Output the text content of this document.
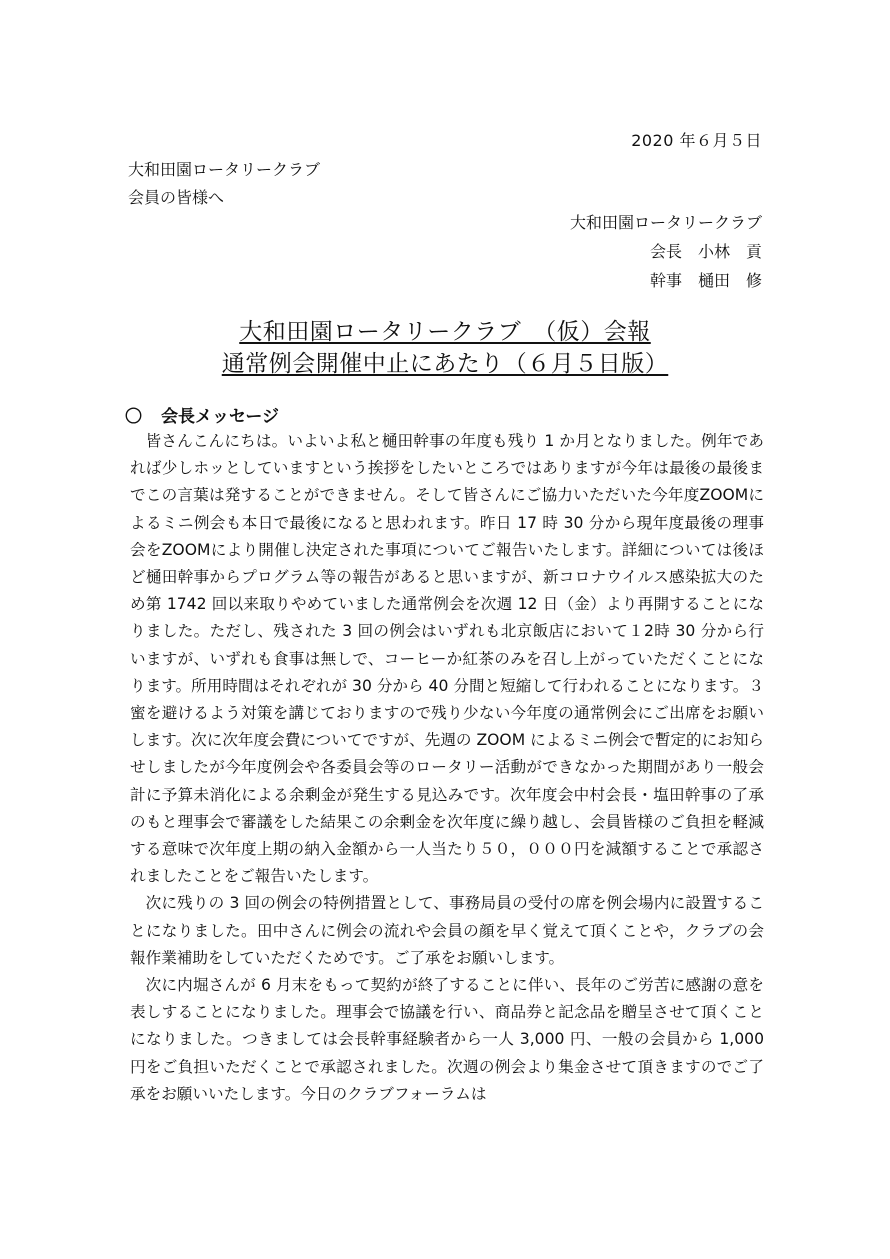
2020 年６月５日
大和田園ロータリークラブ
会員の皆様へ
大和田園ロータリークラブ
会長　小林　貢
幹事　樋田　修
大和田園ロータリークラブ　（仮）会報
通常例会開催中止にあたり（６月５日版）
〇 会長メッセージ

皆さんこんにちは。いよいよ私と樋田幹事の年度も残り 1 か月となりました。例年であれば少しホッとしていますという挨拶をしたいところではありますが今年は最後の最後までこの言葉は発することができません。そして皆さんにご協力いただいた今年度ZOOMによるミニ例会も本日で最後になると思われます。昨日 17 時 30 分から現年度最後の理事会をZOOMにより開催し決定された事項についてご報告いたします。詳細については後ほど樋田幹事からプログラム等の報告があると思いますが、新コロナウイルス感染拡大のため第 1742 回以来取りやめていました通常例会を次週 12 日（金）より再開することになりました。ただし、残された 3 回の例会はいずれも北京飯店において１2時 30 分から行いますが、いずれも食事は無しで、コーヒーか紅茶のみを召し上がっていただくことになります。所用時間はそれぞれが 30 分から 40 分間と短縮して行われることになります。３蜜を避けるよう対策を講じておりますので残り少ない今年度の通常例会にご出席をお願いします。次に次年度会費についてですが、先週の ZOOM によるミニ例会で暫定的にお知らせしましたが今年度例会や各委員会等のロータリー活動ができなかった期間があり一般会計に予算未消化による余剰金が発生する見込みです。次年度会中村会長・塩田幹事の了承のもと理事会で審議をした結果この余剰金を次年度に繰り越し、会員皆様のご負担を軽減する意味で次年度上期の納入金額から一人当たり５０，０００円を減額することで承認されましたことをご報告いたします。

次に残りの 3 回の例会の特例措置として、事務局員の受付の席を例会場内に設置することになりました。田中さんに例会の流れや会員の顔を早く覚えて頂くことや，クラブの会報作業補助をしていただくためです。ご了承をお願いします。

次に内堀さんが 6 月末をもって契約が終了することに伴い、長年のご労苦に感謝の意を表しすることになりました。理事会で協議を行い、商品券と記念品を贈呈させて頂くことになりました。つきましては会長幹事経験者から一人 3,000 円、一般の会員から 1,000 円をご負担いただくことで承認されました。次週の例会より集金させて頂きますのでご了承をお願いいたします。今日のクラブフォーラムは
